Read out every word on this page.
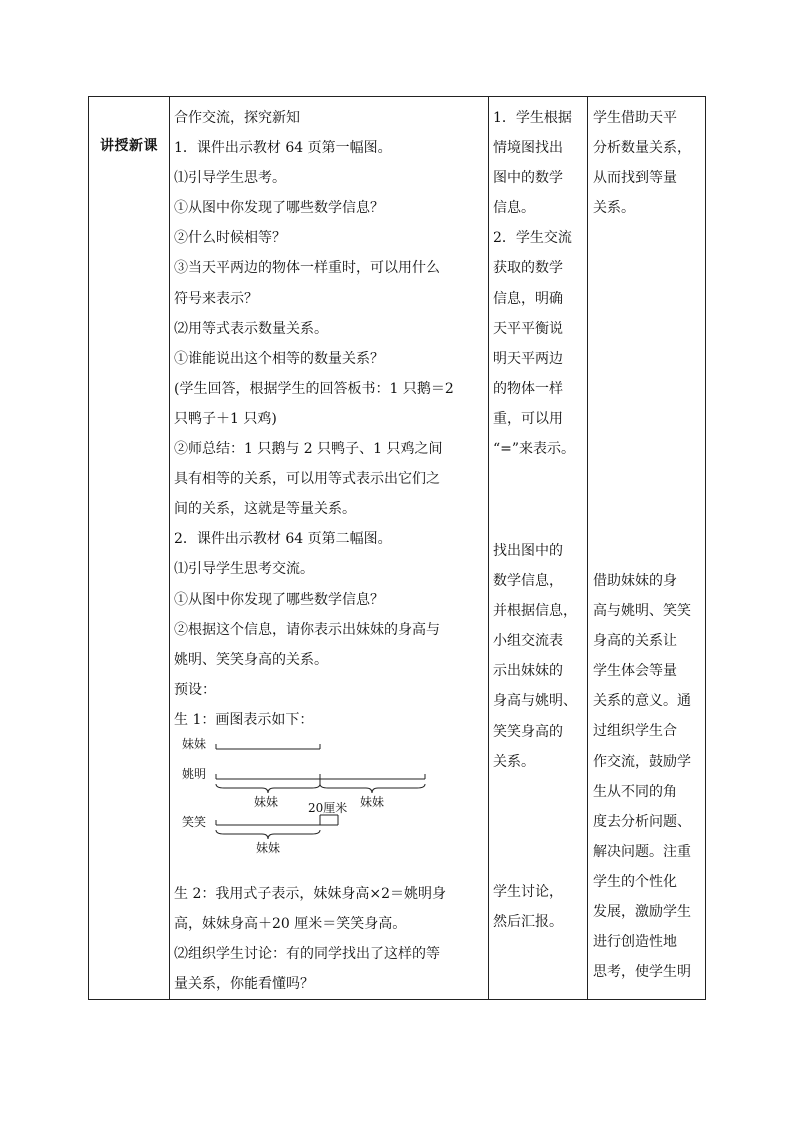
讲授新课
合作交流，探究新知
1．课件出示教材 64 页第一幅图。
⑴引导学生思考。
①从图中你发现了哪些数学信息？
②什么时候相等？
③当天平两边的物体一样重时，可以用什么
符号来表示？
⑵用等式表示数量关系。
①谁能说出这个相等的数量关系？
(学生回答，根据学生的回答板书：1 只鹅＝2
只鸭子＋1 只鸡)
②师总结：1 只鹅与 2 只鸭子、1 只鸡之间
具有相等的关系，可以用等式表示出它们之
间的关系，这就是等量关系。
2．课件出示教材 64 页第二幅图。
⑴引导学生思考交流。
①从图中你发现了哪些数学信息？
②根据这个信息，请你表示出妹妹的身高与
姚明、笑笑身高的关系。
预设：
生 1：画图表示如下：
妹妹
姚明
妹妹	妹妹
20厘米
笑笑
妹妹
生 2：我用式子表示，妹妹身高×2＝姚明身
高，妹妹身高＋20 厘米＝笑笑身高。
⑵组织学生讨论：有的同学找出了这样的等
量关系，你能看懂吗？
1．学生根据
情境图找出
图中的数学
信息。
2．学生交流
获取的数学
信息，明确
天平平衡说
明天平两边
的物体一样
重，可以用
“=”来表示。
找出图中的
数学信息，
并根据信息，
小组交流表
示出妹妹的
身高与姚明、
笑笑身高的
关系。
学生讨论，
然后汇报。
学生借助天平
分析数量关系，
从而找到等量
关系。
借助妹妹的身
高与姚明、笑笑
身高的关系让
学生体会等量
关系的意义。通
过组织学生合
作交流，鼓励学
生从不同的角
度去分析问题、
解决问题。注重
学生的个性化
发展，激励学生
进行创造性地
思考，使学生明
